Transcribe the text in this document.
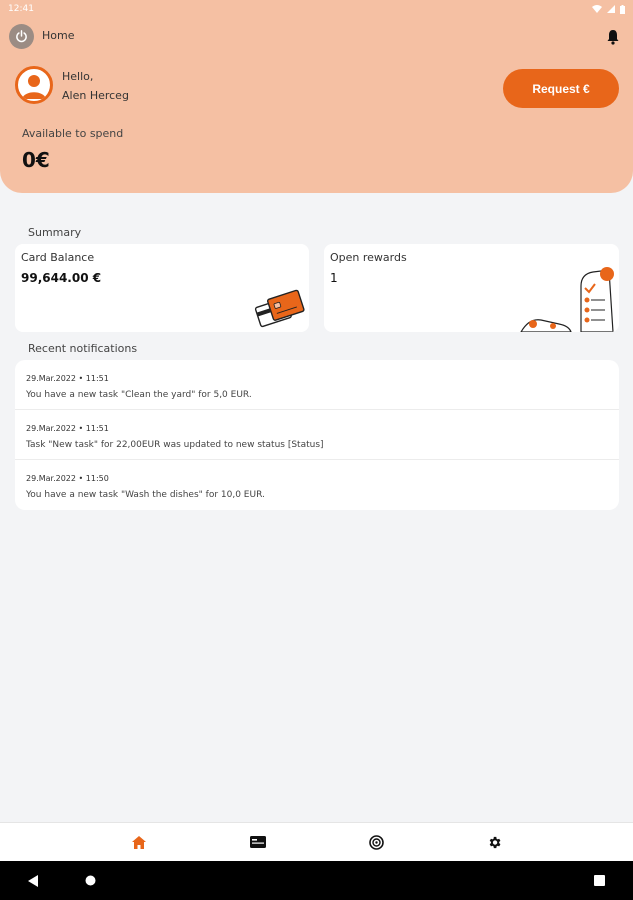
12:41
Home
Hello,
Alen Herceg	Request €
Available to spend
0€
Summary
Card Balance
99,644.00 €
Open rewards
1
Recent notifications
29.Mar.2022 • 11:51
You have a new task "Clean the yard" for 5,0 EUR.
29.Mar.2022 • 11:51
Task "New task" for 22,00EUR was updated to new status [Status]
29.Mar.2022 • 11:50
You have a new task "Wash the dishes" for 10,0 EUR.
